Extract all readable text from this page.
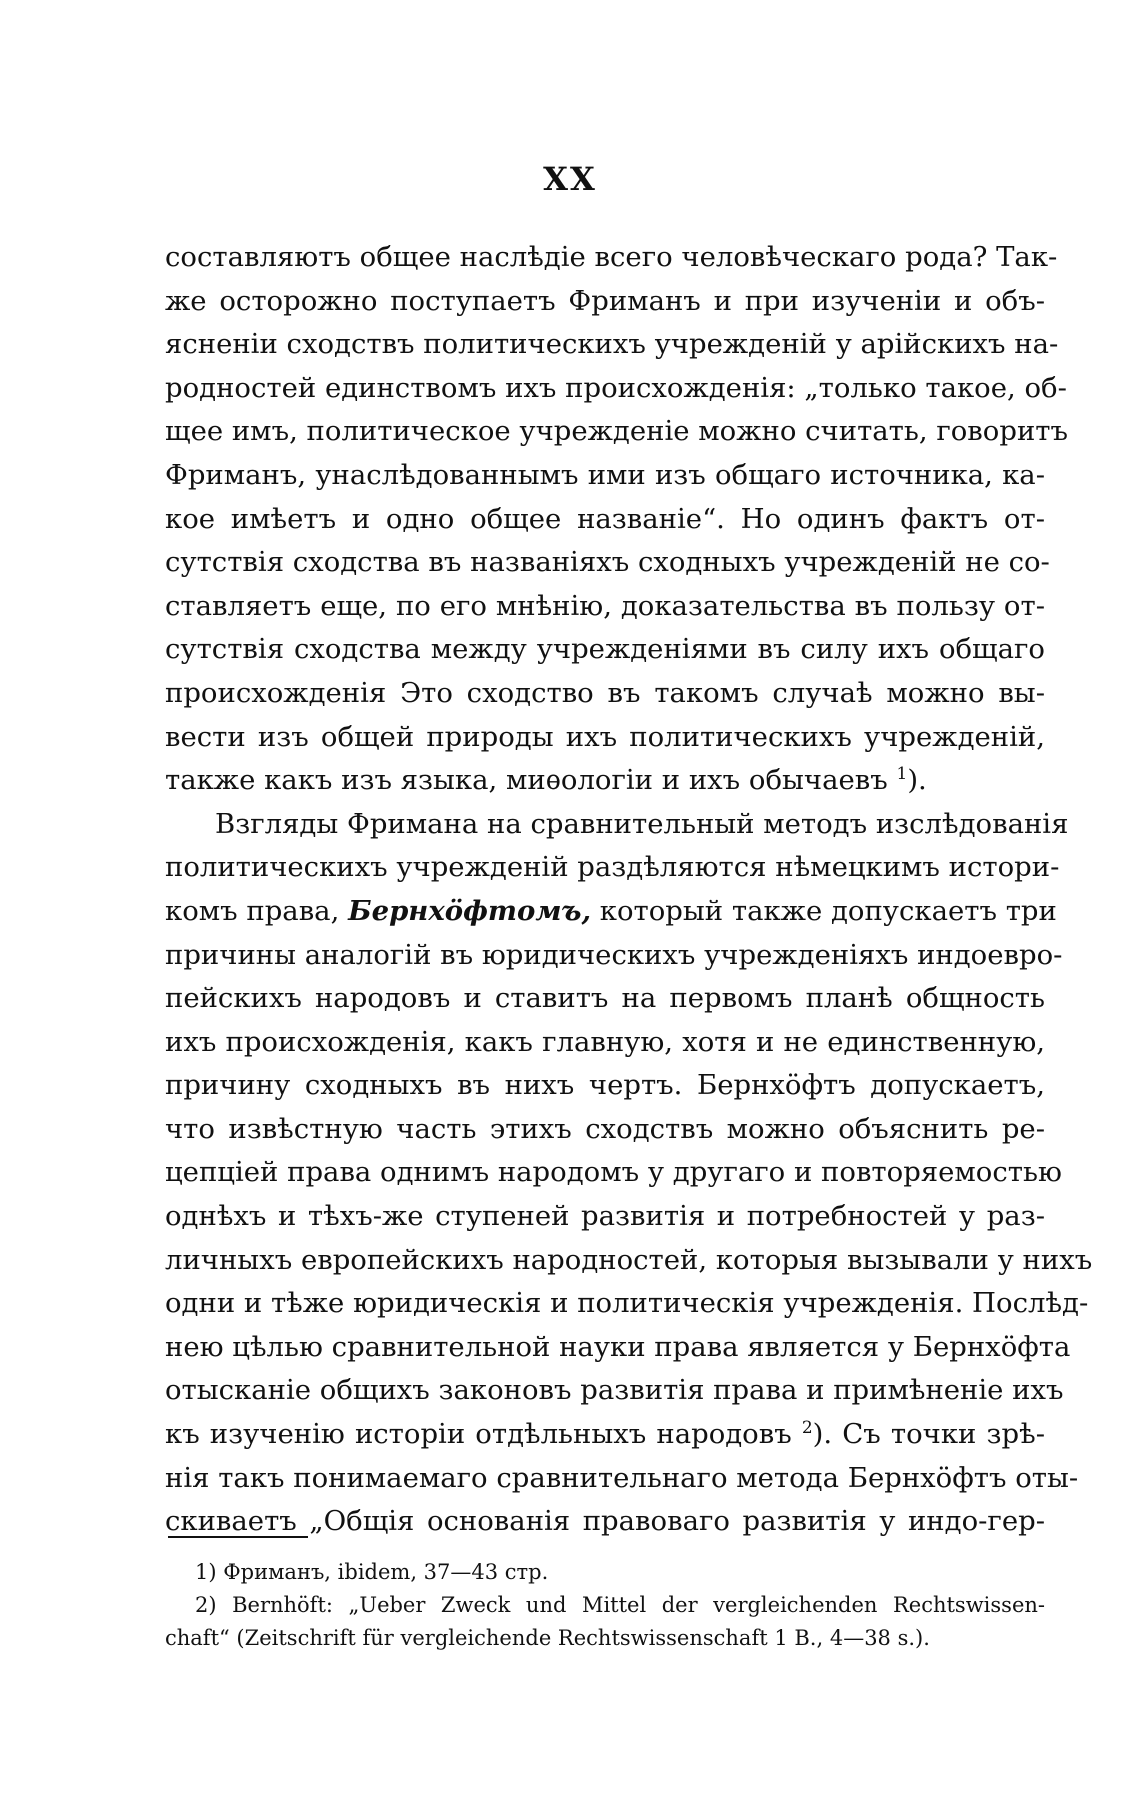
XX
составляютъ общее наслѣдіе всего человѣческаго рода? Так-
же осторожно поступаетъ Фриманъ и при изученіи и объ-
ясненіи сходствъ политическихъ учрежденій у арійскихъ на-
родностей единствомъ ихъ происхожденія: „только такое, об-
щее имъ, политическое учрежденіе можно считать, говоритъ
Фриманъ, унаслѣдованнымъ ими изъ общаго источника, ка-
кое имѣетъ и одно общее названіе“. Но одинъ фактъ от-
сутствія сходства въ названіяхъ сходныхъ учрежденій не со-
ставляетъ еще, по его мнѣнію, доказательства въ пользу от-
сутствія сходства между учрежденіями въ силу ихъ общаго
происхожденія Это сходство въ такомъ случаѣ можно вы-
вести изъ общей природы ихъ политическихъ учрежденій,
также какъ изъ языка, миѳологіи и ихъ обычаевъ $^1$).
Взгляды Фримана на сравнительный методъ изслѣдованія
политическихъ учрежденій раздѣляются нѣмецкимъ истори-
комъ права, Бернхöфтомъ, который также допускаетъ три
причины аналогій въ юридическихъ учрежденіяхъ индоевро-
пейскихъ народовъ и ставитъ на первомъ планѣ общность
ихъ происхожденія, какъ главную, хотя и не единственную,
причину сходныхъ въ нихъ чертъ. Бернхöфтъ допускаетъ,
что извѣстную часть этихъ сходствъ можно объяснить ре-
цепціей права однимъ народомъ у другаго и повторяемостью
однѣхъ и тѣхъ-же ступеней развитія и потребностей у раз-
личныхъ европейскихъ народностей, которыя вызывали у нихъ
одни и тѣже юридическія и политическія учрежденія. Послѣд-
нею цѣлью сравнительной науки права является у Бернхöфта
отысканіе общихъ законовъ развитія права и примѣненіе ихъ
къ изученію исторіи отдѣльныхъ народовъ $^2$). Съ точки зрѣ-
нія такъ понимаемаго сравнительнаго метода Бернхöфтъ оты-
скиваетъ „Общія основанія правоваго развитія у индо-гер-
1) Фриманъ, ibidem, 37—43 стр.
2) Bernhöft: „Ueber Zweck und Mittel der vergleichenden Rechtswissen-
chaft“ (Zeitschrift für vergleichende Rechtswissenschaft 1 B., 4—38 s.).
